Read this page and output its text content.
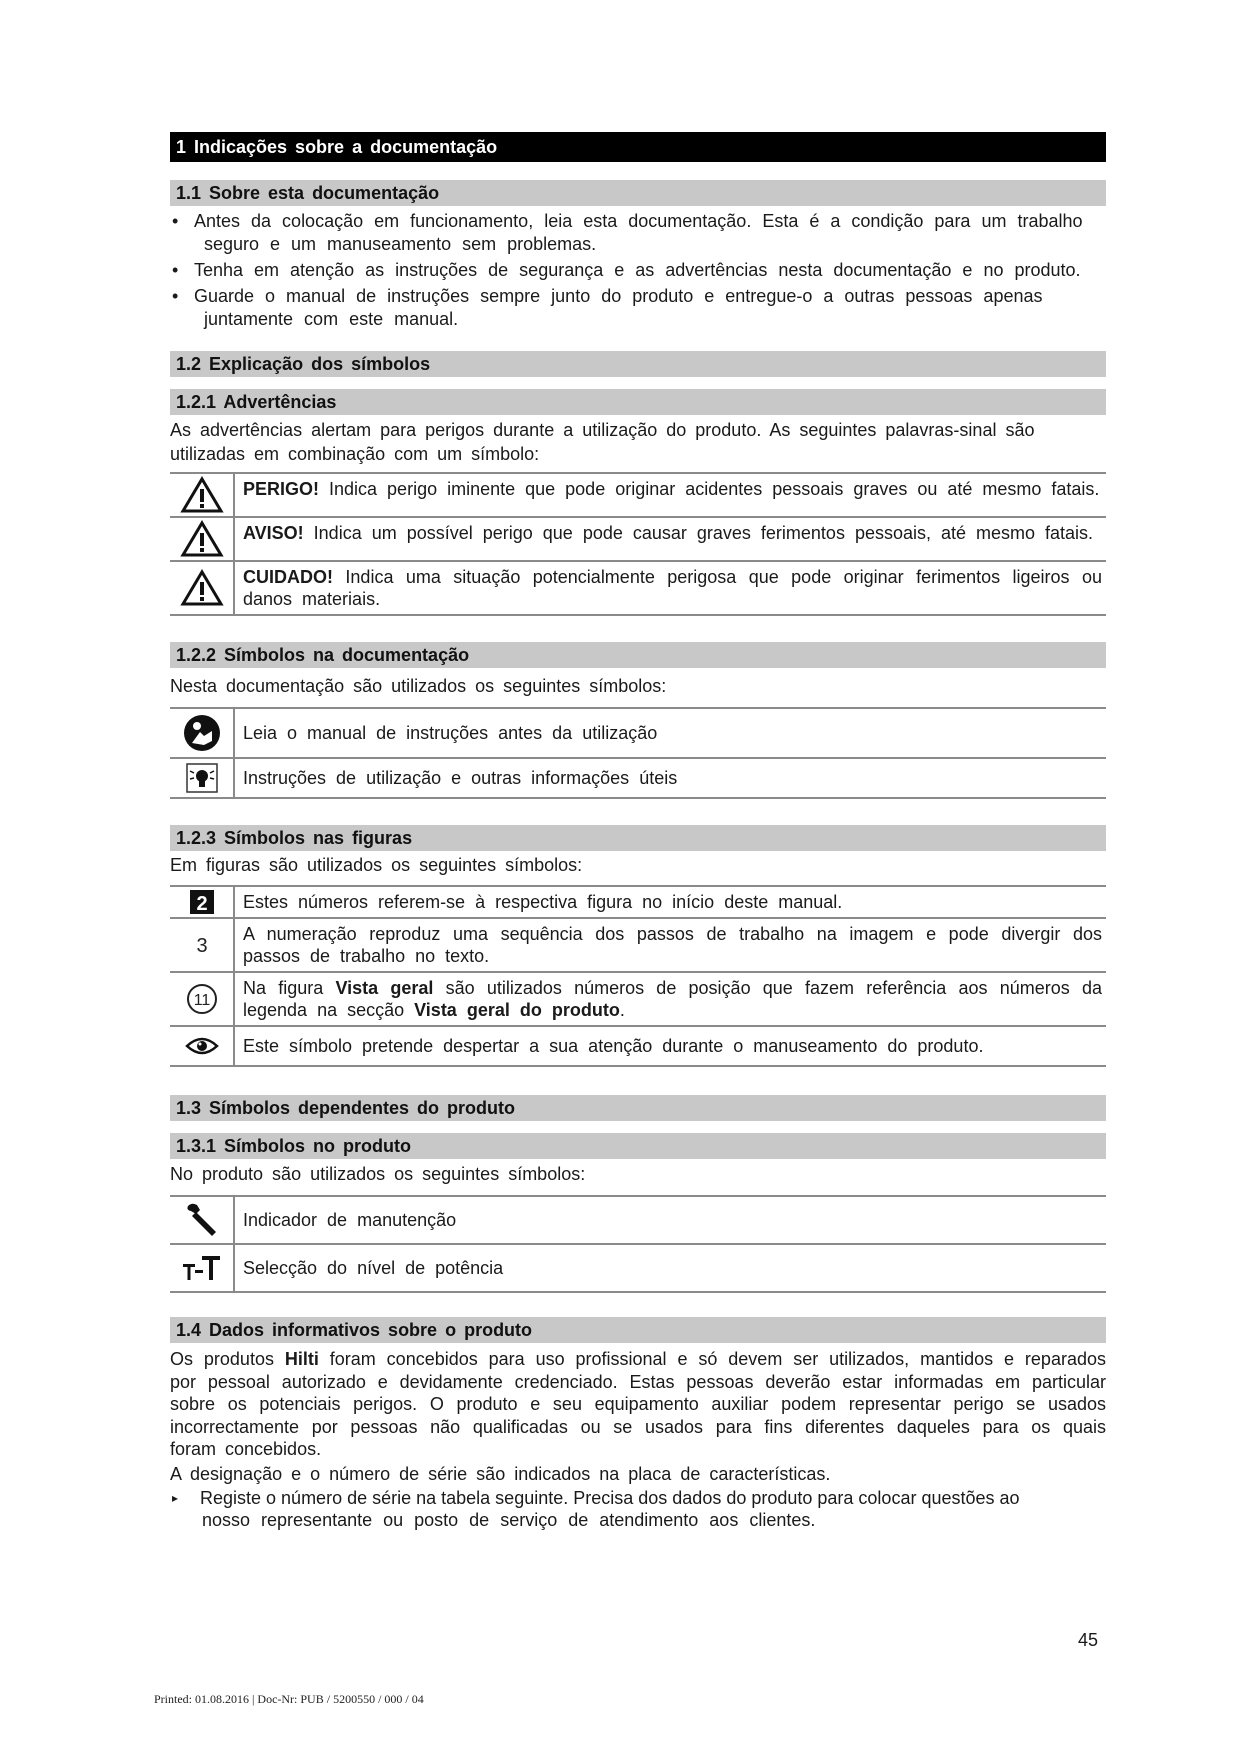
1 Indicações sobre a documentação
1.1 Sobre esta documentação
• Antes da colocação em funcionamento, leia esta documentação. Esta é a condição para um trabalho
seguro e um manuseamento sem problemas.
• Tenha em atenção as instruções de segurança e as advertências nesta documentação e no produto.
• Guarde o manual de instruções sempre junto do produto e entregue-o a outras pessoas apenas
juntamente com este manual.
1.2 Explicação dos símbolos
1.2.1 Advertências

As advertências alertam para perigos durante a utilização do produto. As seguintes palavras-sinal são utilizadas em combinação com um símbolo:

	PERIGO! Indica perigo iminente que pode originar acidentes pessoais graves ou até mesmo fatais.

	AVISO! Indica um possível perigo que pode causar graves ferimentos pessoais, até mesmo fatais.

	CUIDADO! Indica uma situação potencialmente perigosa que pode originar ferimentos ligeiros ou danos materiais.
1.2.2 Símbolos na documentação

Nesta documentação são utilizados os seguintes símbolos:

	Leia o manual de instruções antes da utilização

	Instruções de utilização e outras informações úteis
1.2.3 Símbolos nas figuras

Em figuras são utilizados os seguintes símbolos:

2	Estes números referem-se à respectiva figura no início deste manual.

3	A numeração reproduz uma sequência dos passos de trabalho na imagem e pode divergir dos passos de trabalho no texto.

11	Na figura Vista geral são utilizados números de posição que fazem referência aos números da legenda na secção Vista geral do produto.

	Este símbolo pretende despertar a sua atenção durante o manuseamento do produto.
1.3 Símbolos dependentes do produto
1.3.1 Símbolos no produto

No produto são utilizados os seguintes símbolos:

	Indicador de manutenção

	Selecção do nível de potência
1.4 Dados informativos sobre o produto

Os produtos Hilti foram concebidos para uso profissional e só devem ser utilizados, mantidos e reparados por pessoal autorizado e devidamente credenciado. Estas pessoas deverão estar informadas em particular sobre os potenciais perigos. O produto e seu equipamento auxiliar podem representar perigo se usados incorrectamente por pessoas não qualificadas ou se usados para fins diferentes daqueles para os quais foram concebidos.

A designação e o número de série são indicados na placa de características.

▸ Registe o número de série na tabela seguinte. Precisa dos dados do produto para colocar questões ao
nosso representante ou posto de serviço de atendimento aos clientes.
45
Printed: 01.08.2016 | Doc-Nr: PUB / 5200550 / 000 / 04
